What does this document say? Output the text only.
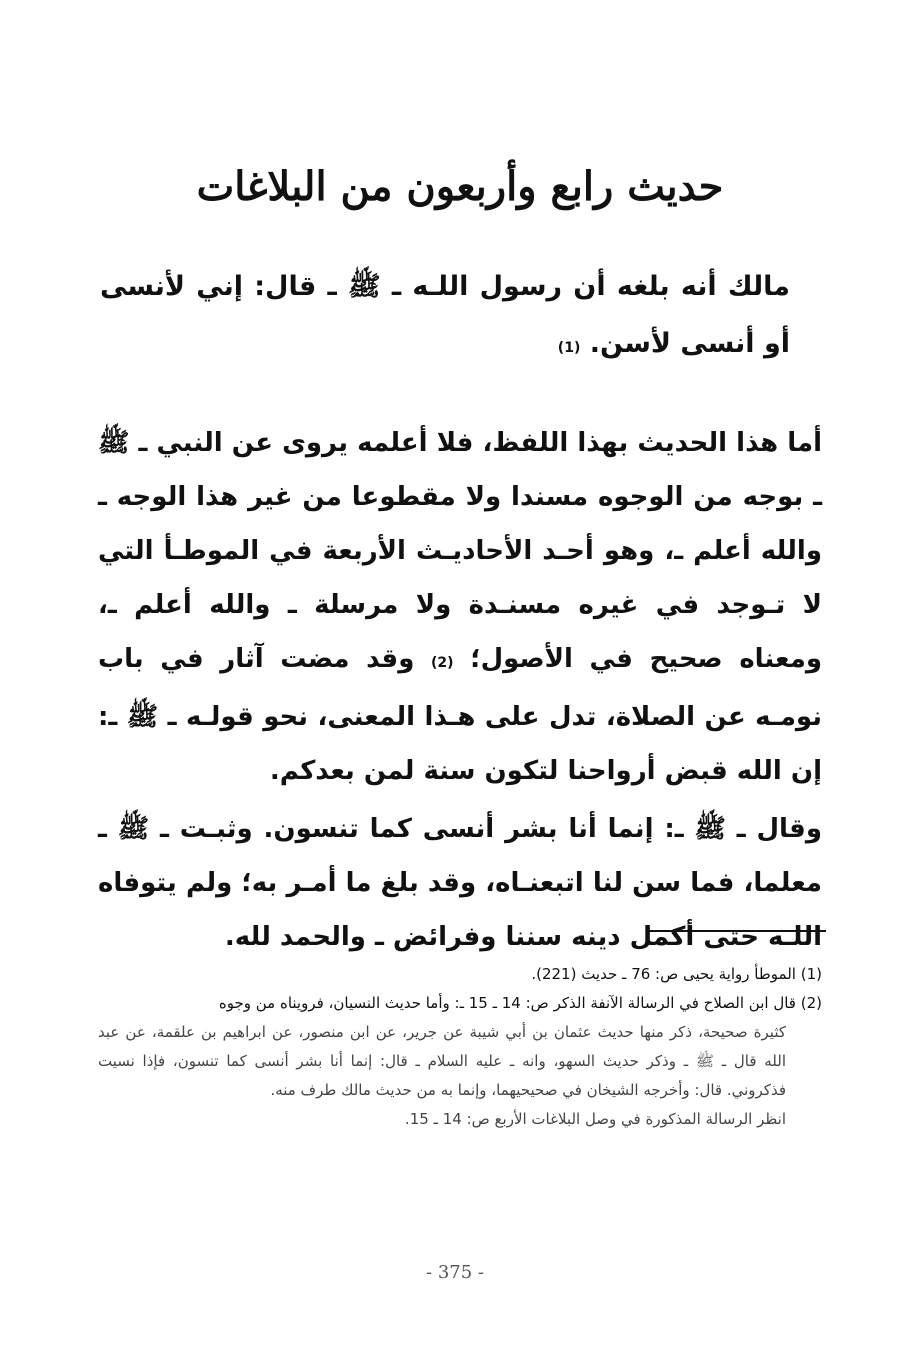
حديث رابع وأربعون من البلاغات
مالك أنه بلغه أن رسول اللـه ـ ﷺ ـ قال: إني لأنسى أو أنسى لأسن. (1)

أما هذا الحديث بهذا اللفظ، فلا أعلمه يروى عن النبي ـ ﷺ ـ بوجه من الوجوه مسندا ولا مقطوعا من غير هذا الوجه ـ والله أعلم ـ، وهو أحـد الأحاديـث الأربعة في الموطـأ التي لا تـوجد في غيره مسنـدة ولا مرسلة ـ والله أعلم ـ، ومعناه صحيح في الأصول؛ (2) وقد مضت آثار في باب نومـه عن الصلاة، تدل على هـذا المعنى، نحو قولـه ـ ﷺ ـ: إن الله قبض أرواحنا لتكون سنة لمن بعدكم.

وقال ـ ﷺ ـ: إنما أنا بشر أنسى كما تنسون. وثبـت ـ ﷺ ـ معلما، فما سن لنا اتبعنـاه، وقد بلغ ما أمـر به؛ ولم يتوفاه اللـه حتى أكمل دينه سننا وفرائض ـ والحمد لله.

(1) الموطأ رواية يحيى ص: 76 ـ حديث (221).

(2) قال ابن الصلاح في الرسالة الآنفة الذكر ص: 14 ـ 15 ـ: وأما حديث النسيان، فرويناه من وجوه

كثيرة صحيحة، ذكر منها حديث عثمان بن أبي شيبة عن جرير، عن ابن منصور، عن ابراهيم بن علقمة، عن عبد الله قال ـ ﷺ ـ وذكر حديث السهو، وانه ـ عليه السلام ـ قال: إنما أنا بشر أنسى كما تنسون، فإذا نسيت فذكروني. قال: وأخرجه الشيخان في صحيحيهما، وإنما به من حديث مالك طرف منه.

انظر الرسالة المذكورة في وصل البلاغات الأربع ص: 14 ـ 15.

- 375 -
